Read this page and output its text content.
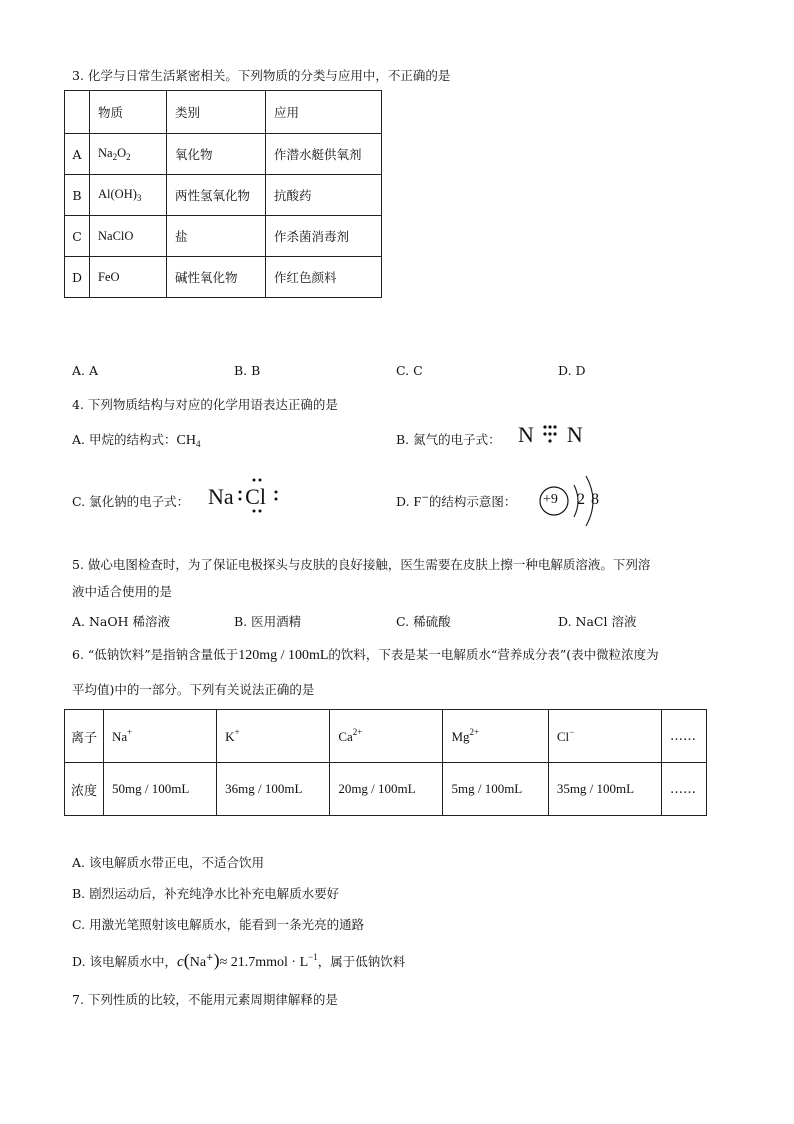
3. 化学与日常生活紧密相关。下列物质的分类与应用中，不正确的是
	物质	类别	应用
A	$Na_2O_2$	氧化物	作潜水艇供氧剂
B	$Al(OH)_3$	两性氢氧化物	抗酸药
C	NaClO	盐	作杀菌消毒剂
D	FeO	碱性氧化物	作红色颜料
A. A	B. B	C. C	D. D
4. 下列物质结构与对应的化学用语表达正确的是
A. 甲烷的结构式：$CH_4$	B. 氮气的电子式： N N
C. 氯化钠的电子式： Na Cl	D. F−的结构示意图： +9 2 8
5. 做心电图检查时，为了保证电极探头与皮肤的良好接触，医生需要在皮肤上擦一种电解质溶液。下列溶
液中适合使用的是
A. NaOH 稀溶液	B. 医用酒精	C. 稀硫酸	D. NaCl 溶液
6. “低钠饮料”是指钠含量低于120mg / 100mL的饮料，下表是某一电解质水“营养成分表”(表中微粒浓度为
平均值)中的一部分。下列有关说法正确的是
离子	Na+	K+	$Ca^{2+}$	$Mg^{2+}$	Cl−	……
浓度	50mg / 100mL	36mg / 100mL	20mg / 100mL	5mg / 100mL	35mg / 100mL	……
A. 该电解质水带正电，不适合饮用
B. 剧烈运动后，补充纯净水比补充电解质水要好
C. 用激光笔照射该电解质水，能看到一条光亮的通路
D. 该电解质水中，c(Na+)≈ 21.7mmol · $L^{-1}$，属于低钠饮料
7. 下列性质的比较，不能用元素周期律解释的是
